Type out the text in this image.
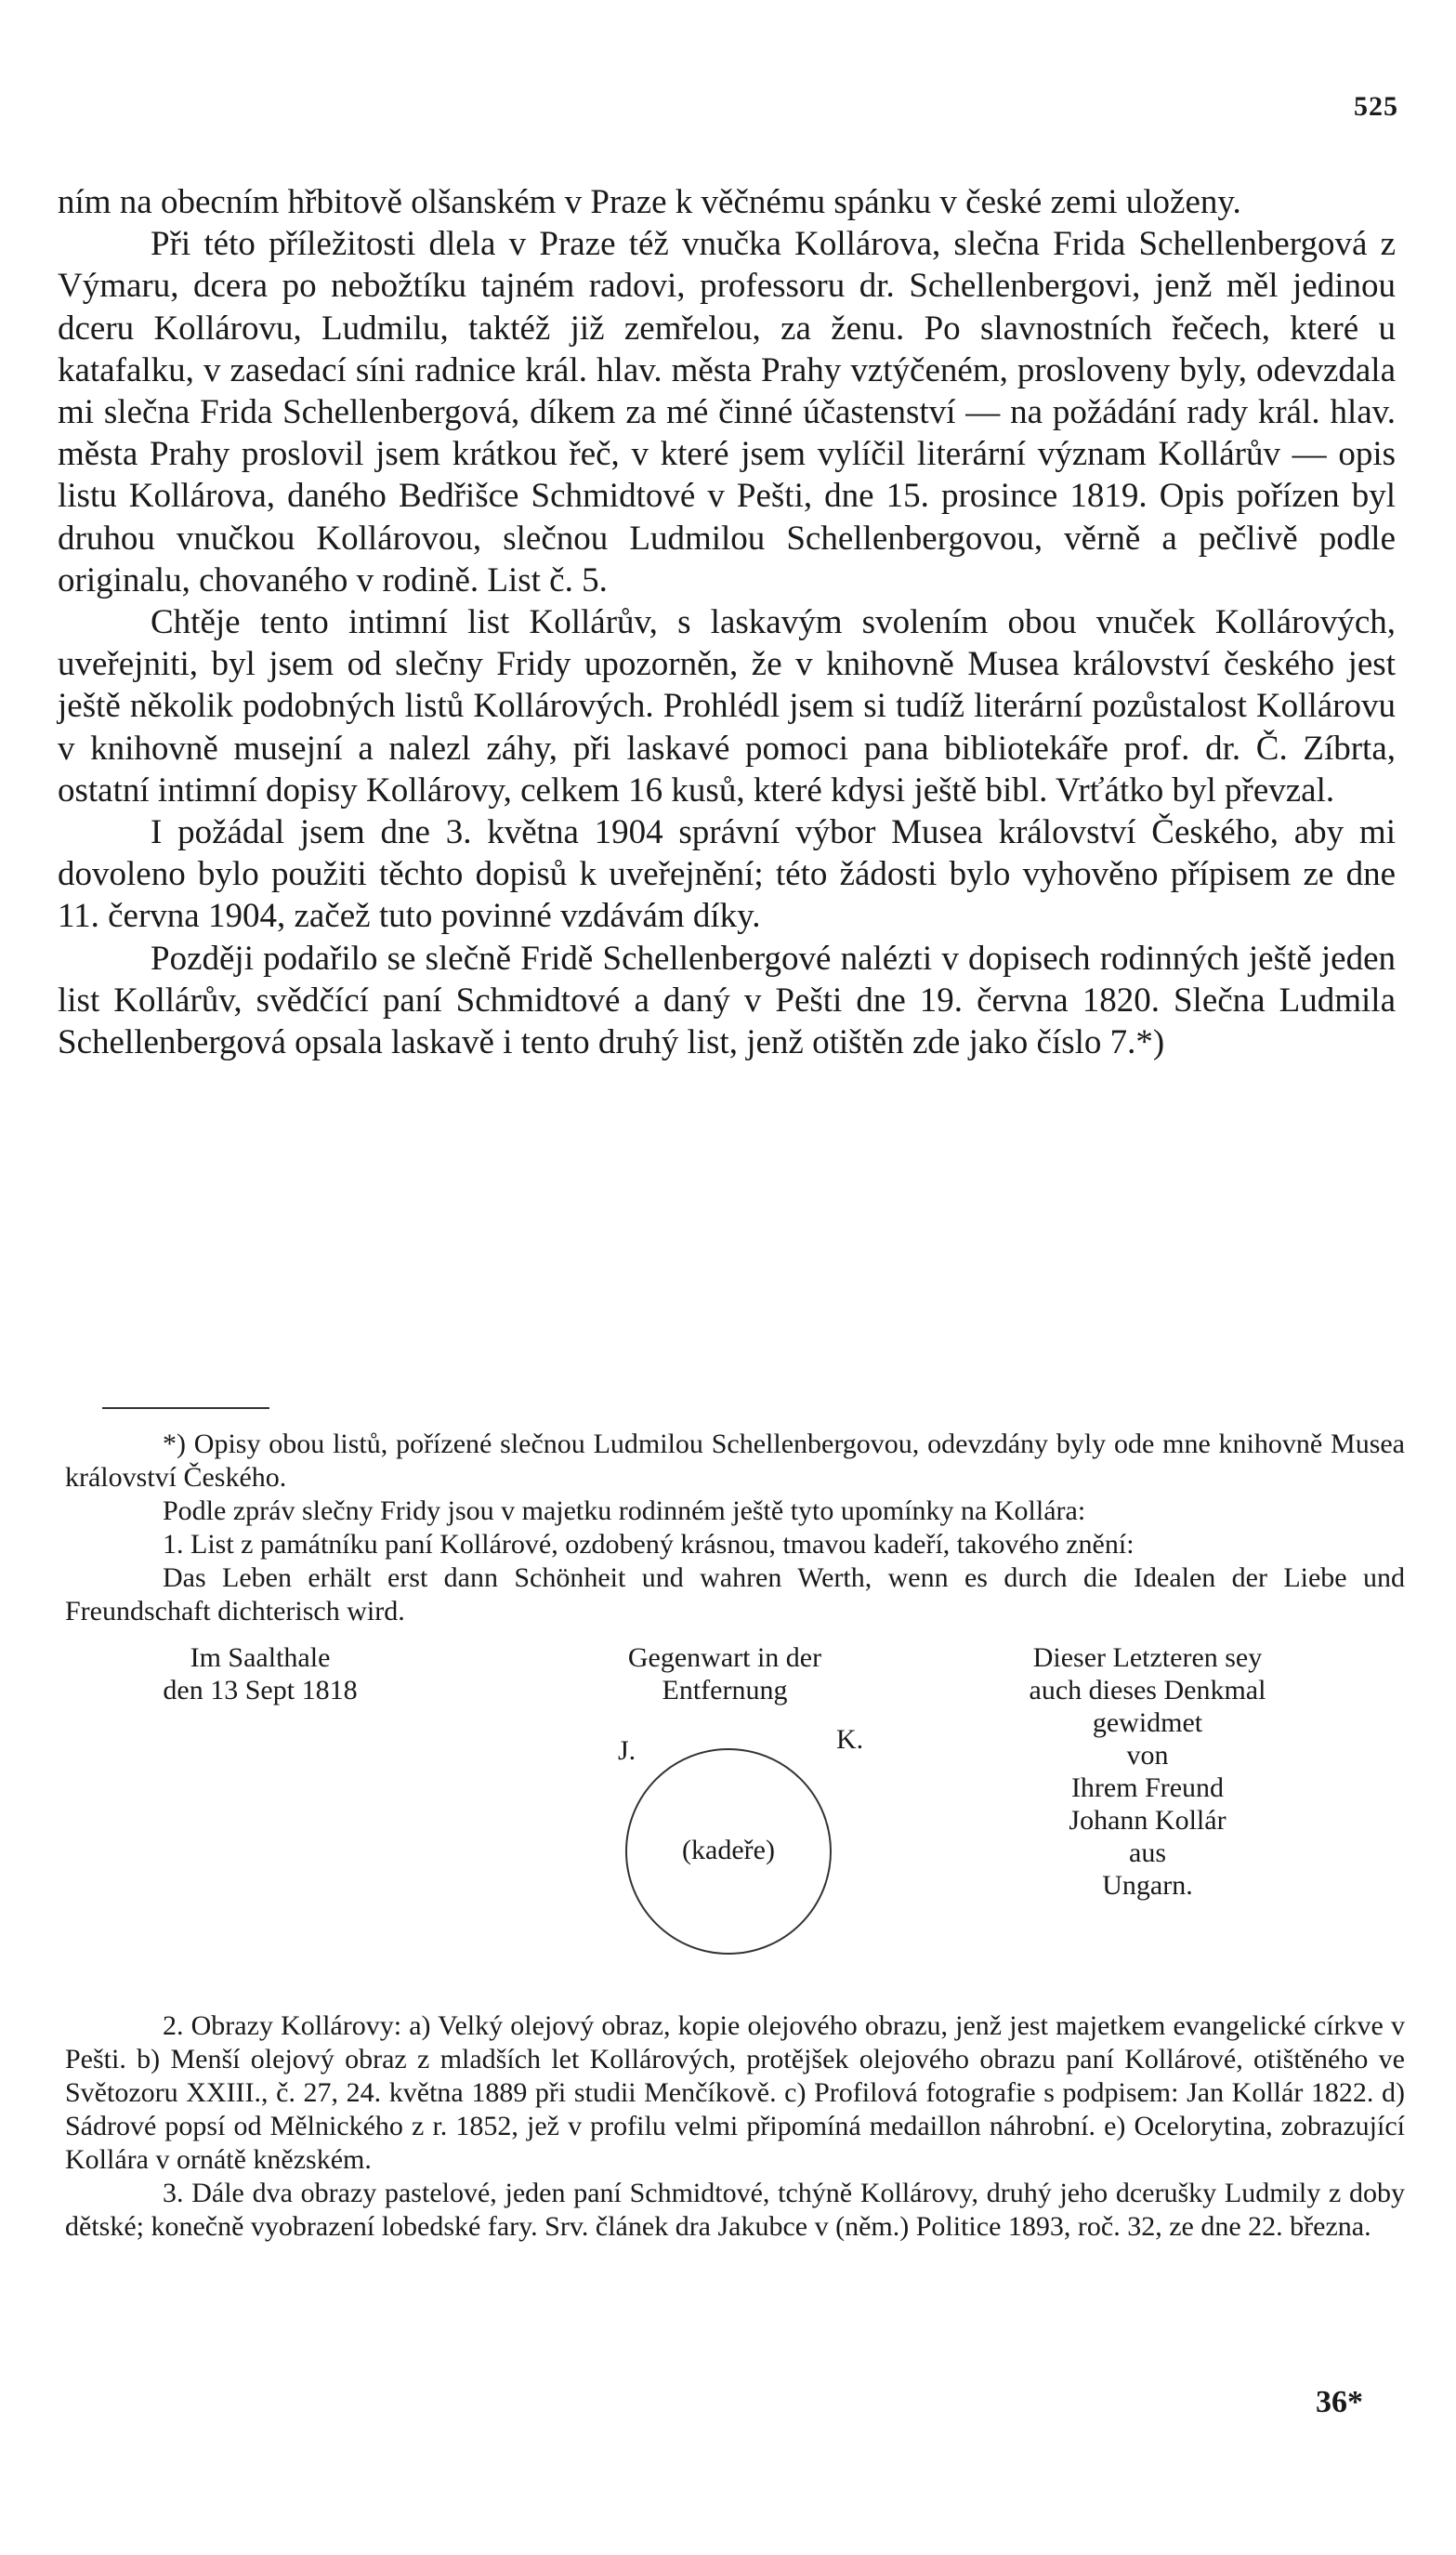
525

ním na obecním hřbitově olšanském v Praze k věčnému spánku v české zemi uloženy.

Při této příležitosti dlela v Praze též vnučka Kollárova, slečna Frida Schellenbergová z Výmaru, dcera po nebožtíku tajném radovi, professoru dr. Schellenbergovi, jenž měl jedinou dceru Kollárovu, Ludmilu, taktéž již zemřelou, za ženu. Po slavnostních řečech, které u katafalku, v zasedací síni radnice král. hlav. města Prahy vztýčeném, prosloveny byly, odevzdala mi slečna Frida Schellenbergová, díkem za mé činné účastenství — na požádání rady král. hlav. města Prahy proslovil jsem krátkou řeč, v které jsem vylíčil literární význam Kollárův — opis listu Kollárova, daného Bedřišce Schmidtové v Pešti, dne 15. prosince 1819. Opis pořízen byl druhou vnučkou Kollárovou, slečnou Ludmilou Schellenbergovou, věrně a pečlivě podle originalu, chovaného v rodině. List č. 5.

Chtěje tento intimní list Kollárův, s laskavým svolením obou vnuček Kollárových, uveřejniti, byl jsem od slečny Fridy upozorněn, že v knihovně Musea království českého jest ještě několik podobných listů Kollárových. Prohlédl jsem si tudíž literární pozůstalost Kollárovu v knihovně musejní a nalezl záhy, při laskavé pomoci pana bibliotekáře prof. dr. Č. Zíbrta, ostatní intimní dopisy Kollárovy, celkem 16 kusů, které kdysi ještě bibl. Vrťátko byl převzal.

I požádal jsem dne 3. května 1904 správní výbor Musea království Českého, aby mi dovoleno bylo použiti těchto dopisů k uveřejnění; této žádosti bylo vyhověno přípisem ze dne 11. června 1904, začež tuto povinné vzdávám díky.

Později podařilo se slečně Fridě Schellenbergové nalézti v dopisech rodinných ještě jeden list Kollárův, svědčící paní Schmidtové a daný v Pešti dne 19. června 1820. Slečna Ludmila Schellenbergová opsala laskavě i tento druhý list, jenž otištěn zde jako číslo 7.*)

*) Opisy obou listů, pořízené slečnou Ludmilou Schellenbergovou, odevzdány byly ode mne knihovně Musea království Českého.

Podle zpráv slečny Fridy jsou v majetku rodinném ještě tyto upomínky na Kollára:

1. List z památníku paní Kollárové, ozdobený krásnou, tmavou kadeří, takového znění:

Das Leben erhält erst dann Schönheit und wahren Werth, wenn es durch die Idealen der Liebe und Freundschaft dichterisch wird.

Im Saalthale
den 13 Sept 1818
Gegenwart in der
Entfernung
J.	K.
(kadeře)
Dieser Letzteren sey
auch dieses Denkmal
gewidmet
von
Ihrem Freund
Johann Kollár
aus
Ungarn.

2. Obrazy Kollárovy: a) Velký olejový obraz, kopie olejového obrazu, jenž jest majetkem evangelické církve v Pešti. b) Menší olejový obraz z mladších let Kollárových, protějšek olejového obrazu paní Kollárové, otištěného ve Světozoru XXIII., č. 27, 24. května 1889 při studii Menčíkově. c) Profilová fotografie s podpisem: Jan Kollár 1822. d) Sádrové popsí od Mělnického z r. 1852, jež v profilu velmi připomíná medaillon náhrobní. e) Ocelorytina, zobrazující Kollára v ornátě knězském.

3. Dále dva obrazy pastelové, jeden paní Schmidtové, tchýně Kollárovy, druhý jeho dcerušky Ludmily z doby dětské; konečně vyobrazení lobedské fary. Srv. článek dra Jakubce v (něm.) Politice 1893, roč. 32, ze dne 22. března.

36*
